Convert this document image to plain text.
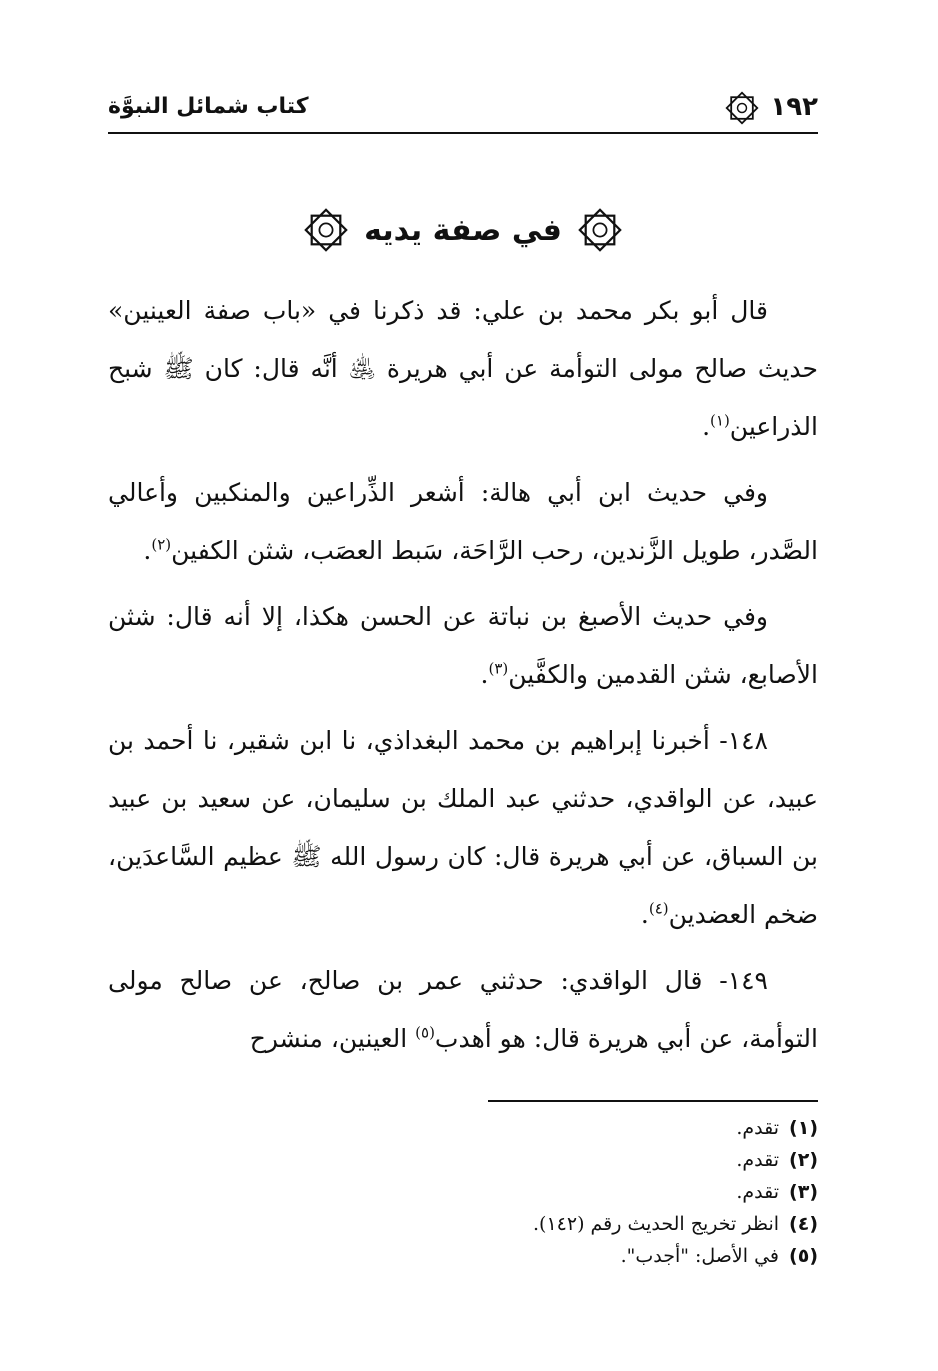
١٩٢
كتاب شمائل النبوَّة
في صفة يديه

قال أبو بكر محمد بن علي: قد ذكرنا في «باب صفة العينين» حديث صالح مولى التوأمة عن أبي هريرة ﵁ أنَّه قال: كان ﷺ شبح الذراعين$^{(١)}$.

وفي حديث ابن أبي هالة: أشعر الذِّراعين والمنكبين وأعالي الصَّدر، طويل الزَّندين، رحب الرَّاحَة، سَبط العصَب، شثن الكفين$^{(٢)}$.

وفي حديث الأصبغ بن نباتة عن الحسن هكذا، إلا أنه قال: شثن الأصابع، شثن القدمين والكفَّين$^{(٣)}$.

١٤٨- أخبرنا إبراهيم بن محمد البغداذي، نا ابن شقير، نا أحمد بن عبيد، عن الواقدي، حدثني عبد الملك بن سليمان، عن سعيد بن عبيد بن السباق، عن أبي هريرة قال: كان رسول الله ﷺ عظيم السَّاعدَين، ضخم العضدين$^{(٤)}$.

١٤٩- قال الواقدي: حدثني عمر بن صالح، عن صالح مولى التوأمة، عن أبي هريرة قال: هو أهدب$^{(٥)}$ العينين، منشرح

(١)تقدم.
(٢)تقدم.
(٣)تقدم.
(٤)انظر تخريج الحديث رقم (١٤٢).
(٥)في الأصل: "أجدب".
